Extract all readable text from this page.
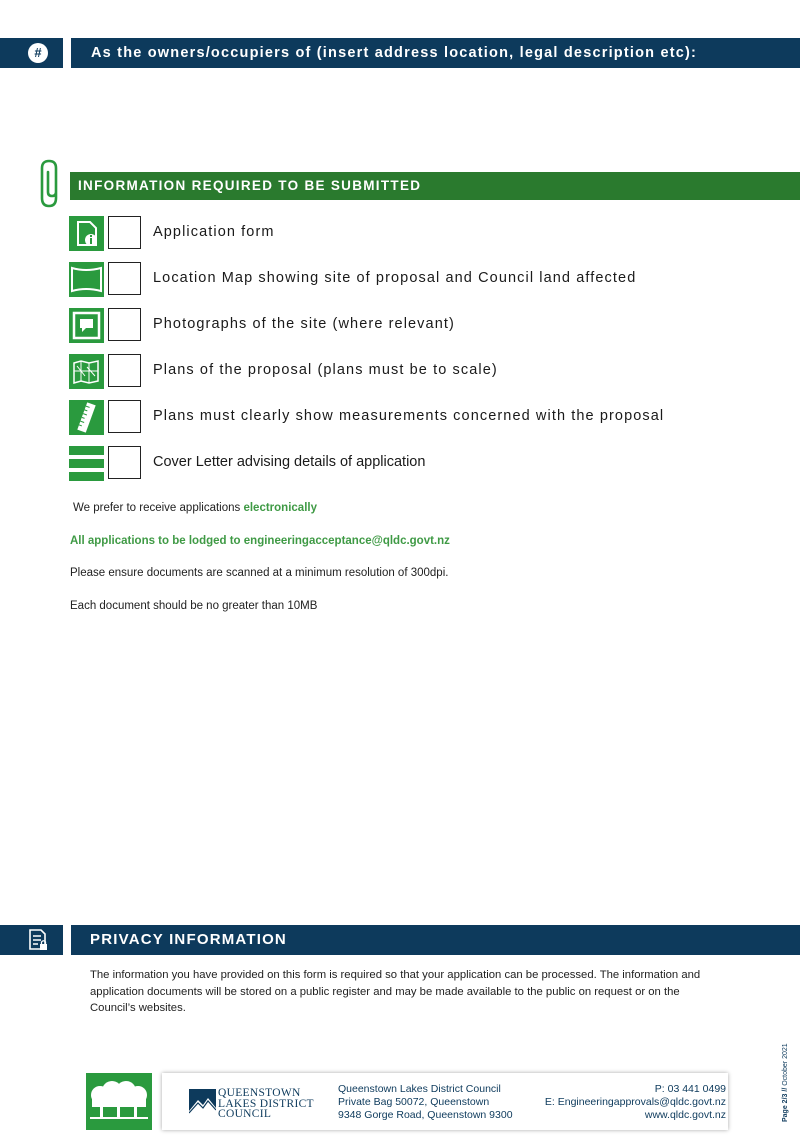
#	As the owners/occupiers of (insert address location, legal description etc):
INFORMATION REQUIRED TO BE SUBMITTED
Application form
Location Map showing site of proposal and Council land affected
Photographs of the site (where relevant)
Plans of the proposal (plans must be to scale)
Plans must clearly show measurements concerned with the proposal
Cover Letter advising details of application
We prefer to receive applications electronically
All applications to be lodged to engineeringacceptance@qldc.govt.nz
Please ensure documents are scanned at a minimum resolution of 300dpi.
Each document should be no greater than 10MB
PRIVACY INFORMATION
The information you have provided on this form is required so that your application can be processed. The information and application documents will be stored on a public register and may be made available to the public on request or on the Council’s websites.
QUEENSTOWN
LAKES DISTRICT
COUNCIL
Queenstown Lakes District Council
Private Bag 50072, Queenstown
9348 Gorge Road, Queenstown 9300
P: 03 441 0499
E: Engineeringapprovals@qldc.govt.nz
www.qldc.govt.nz	Page 2/3 // October 2021
